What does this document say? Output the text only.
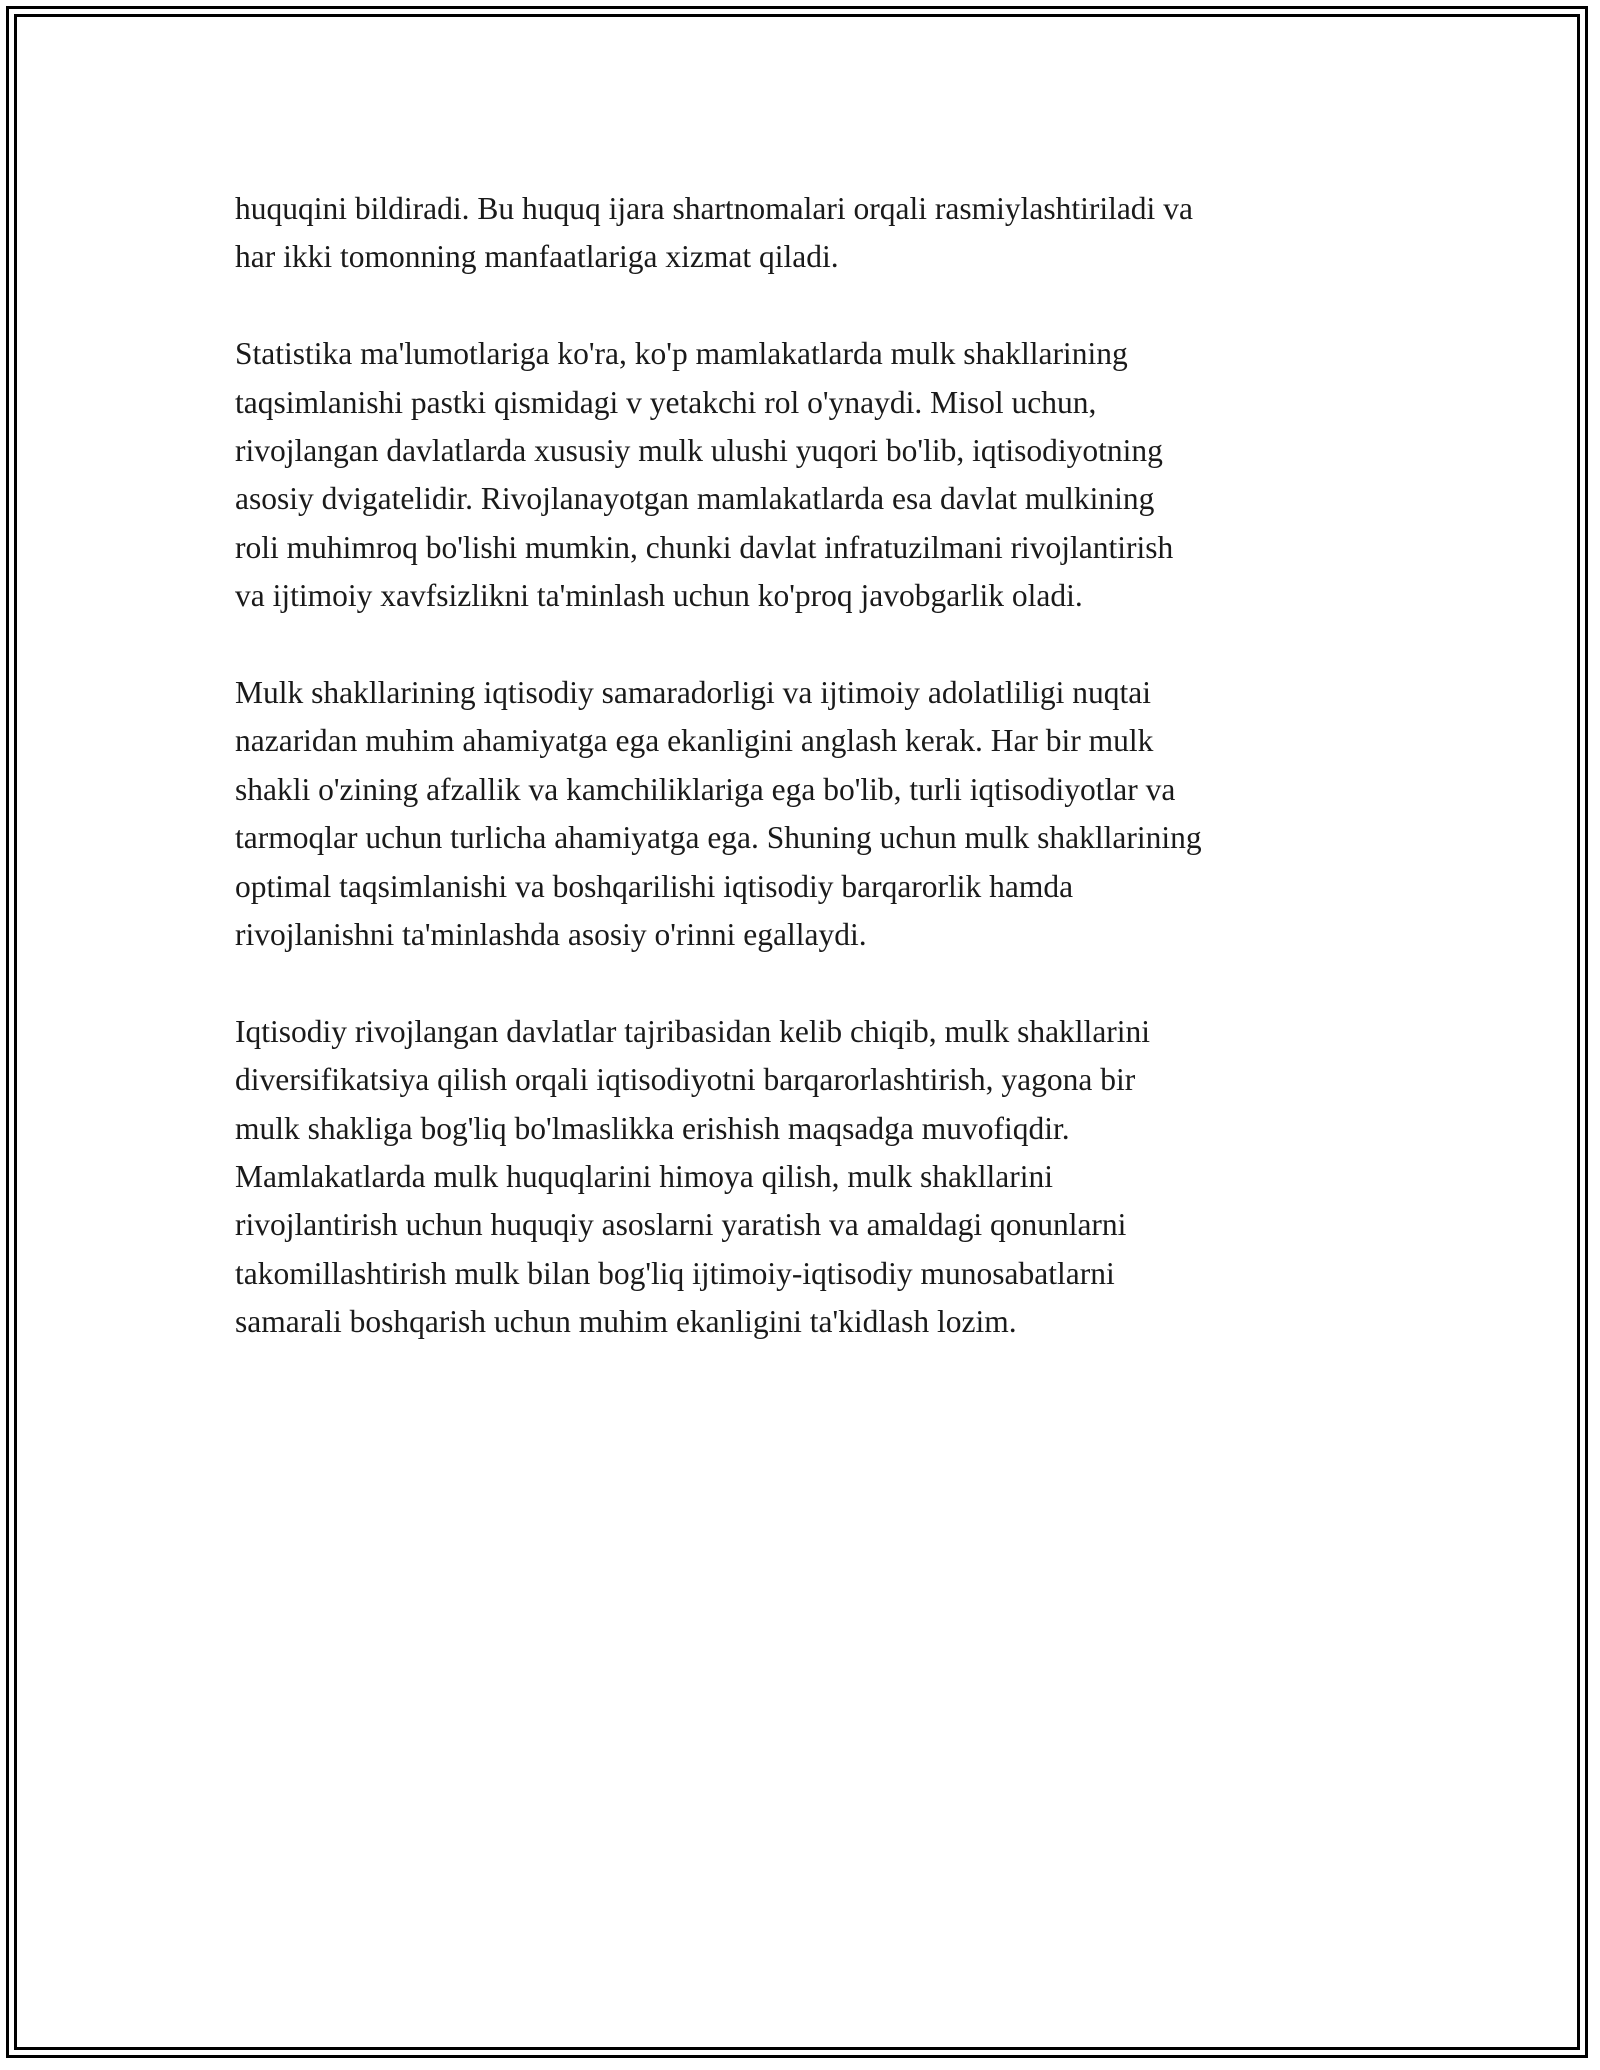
huquqini bildiradi. Bu huquq ijara shartnomalari orqali rasmiylashtiriladi va
har ikki tomonning manfaatlariga xizmat qiladi.

Statistika ma'lumotlariga ko'ra, ko'p mamlakatlarda mulk shakllarining
taqsimlanishi pastki qismidagi v yetakchi rol o'ynaydi. Misol uchun,
rivojlangan davlatlarda xususiy mulk ulushi yuqori bo'lib, iqtisodiyotning
asosiy dvigatelidir. Rivojlanayotgan mamlakatlarda esa davlat mulkining
roli muhimroq bo'lishi mumkin, chunki davlat infratuzilmani rivojlantirish
va ijtimoiy xavfsizlikni ta'minlash uchun ko'proq javobgarlik oladi.

Mulk shakllarining iqtisodiy samaradorligi va ijtimoiy adolatliligi nuqtai
nazaridan muhim ahamiyatga ega ekanligini anglash kerak. Har bir mulk
shakli o'zining afzallik va kamchiliklariga ega bo'lib, turli iqtisodiyotlar va
tarmoqlar uchun turlicha ahamiyatga ega. Shuning uchun mulk shakllarining
optimal taqsimlanishi va boshqarilishi iqtisodiy barqarorlik hamda
rivojlanishni ta'minlashda asosiy o'rinni egallaydi.

Iqtisodiy rivojlangan davlatlar tajribasidan kelib chiqib, mulk shakllarini
diversifikatsiya qilish orqali iqtisodiyotni barqarorlashtirish, yagona bir
mulk shakliga bog'liq bo'lmaslikka erishish maqsadga muvofiqdir.
Mamlakatlarda mulk huquqlarini himoya qilish, mulk shakllarini
rivojlantirish uchun huquqiy asoslarni yaratish va amaldagi qonunlarni
takomillashtirish mulk bilan bog'liq ijtimoiy-iqtisodiy munosabatlarni
samarali boshqarish uchun muhim ekanligini ta'kidlash lozim.
